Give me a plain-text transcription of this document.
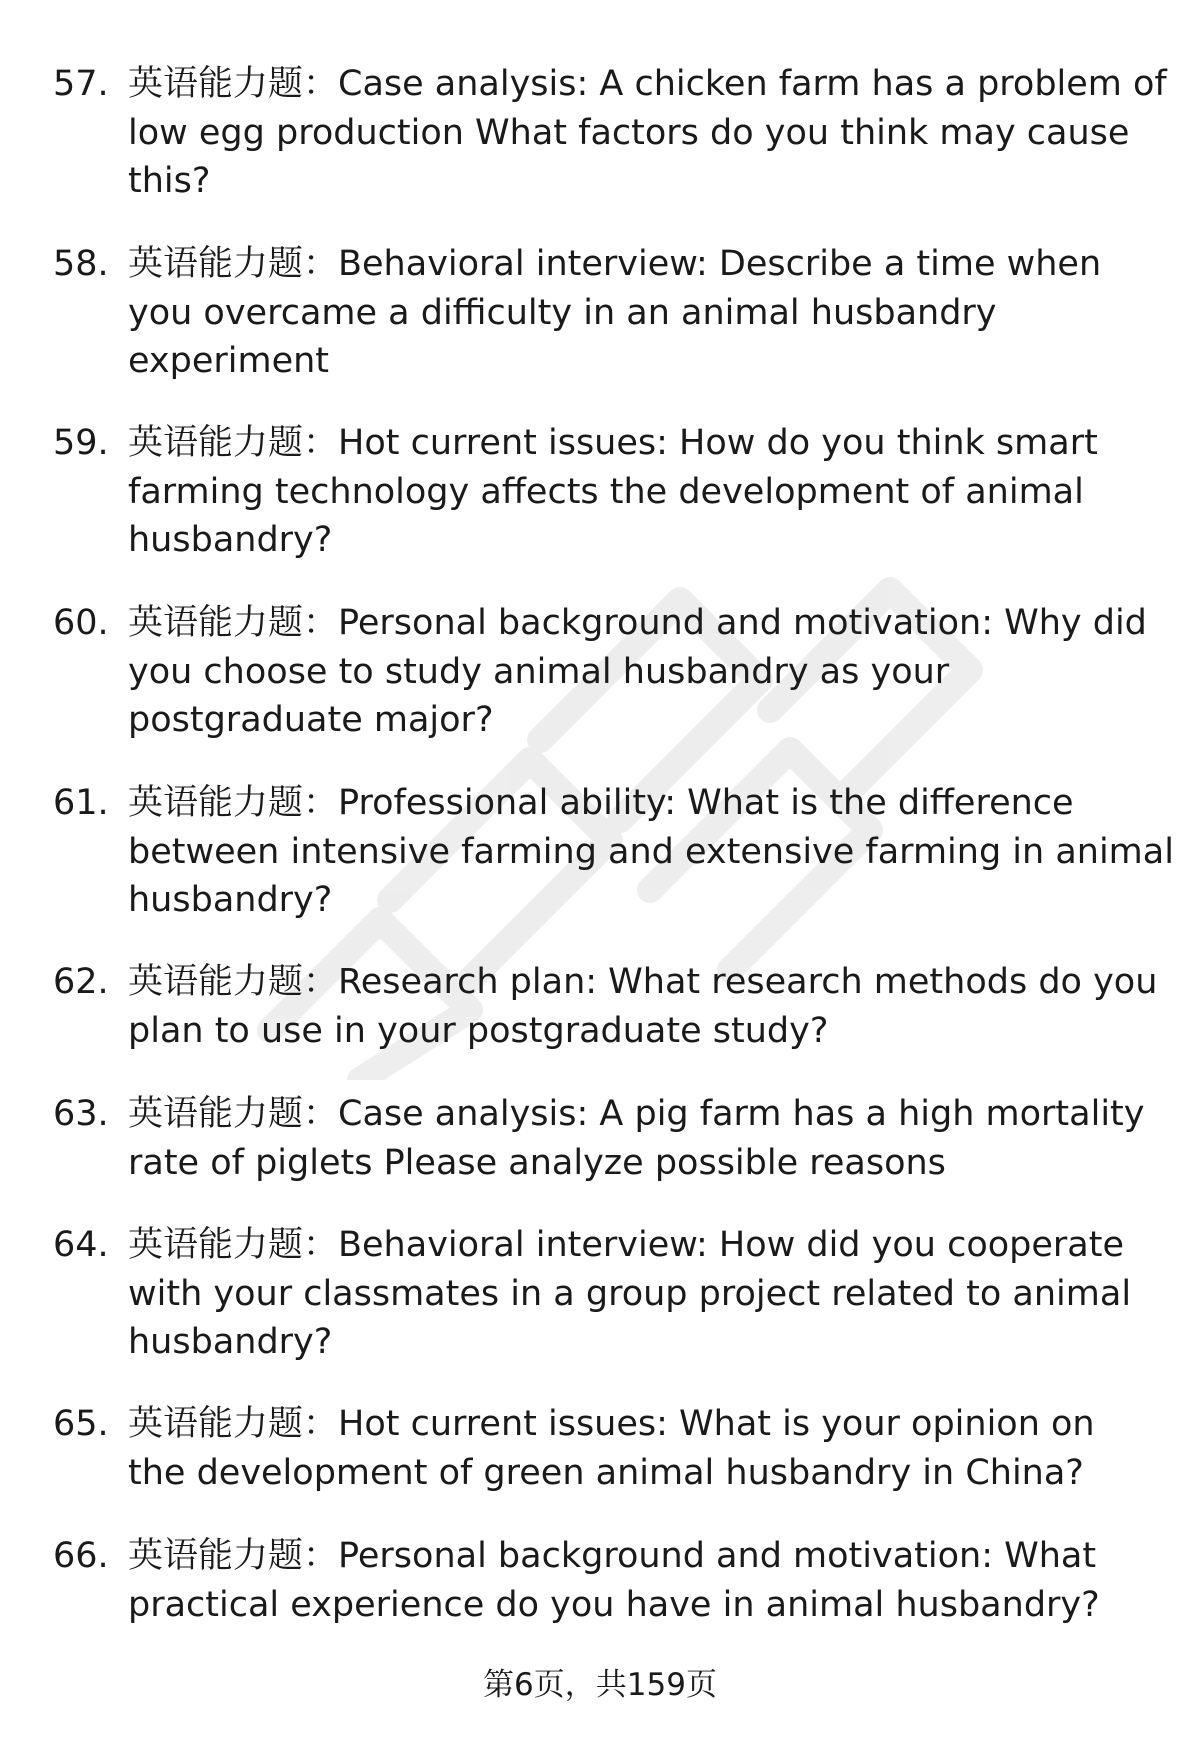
57. 英语能力题：Case analysis: A chicken farm has a problem of
low egg production What factors do you think may cause
this?
58. 英语能力题：Behavioral interview: Describe a time when
you overcame a difficulty in an animal husbandry
experiment
59. 英语能力题：Hot current issues: How do you think smart
farming technology affects the development of animal
husbandry?
60. 英语能力题：Personal background and motivation: Why did
you choose to study animal husbandry as your
postgraduate major?
61. 英语能力题：Professional ability: What is the difference
between intensive farming and extensive farming in animal
husbandry?
62. 英语能力题：Research plan: What research methods do you
plan to use in your postgraduate study?
63. 英语能力题：Case analysis: A pig farm has a high mortality
rate of piglets Please analyze possible reasons
64. 英语能力题：Behavioral interview: How did you cooperate
with your classmates in a group project related to animal
husbandry?
65. 英语能力题：Hot current issues: What is your opinion on
the development of green animal husbandry in China?
66. 英语能力题：Personal background and motivation: What
practical experience do you have in animal husbandry?
第6页，共159页
